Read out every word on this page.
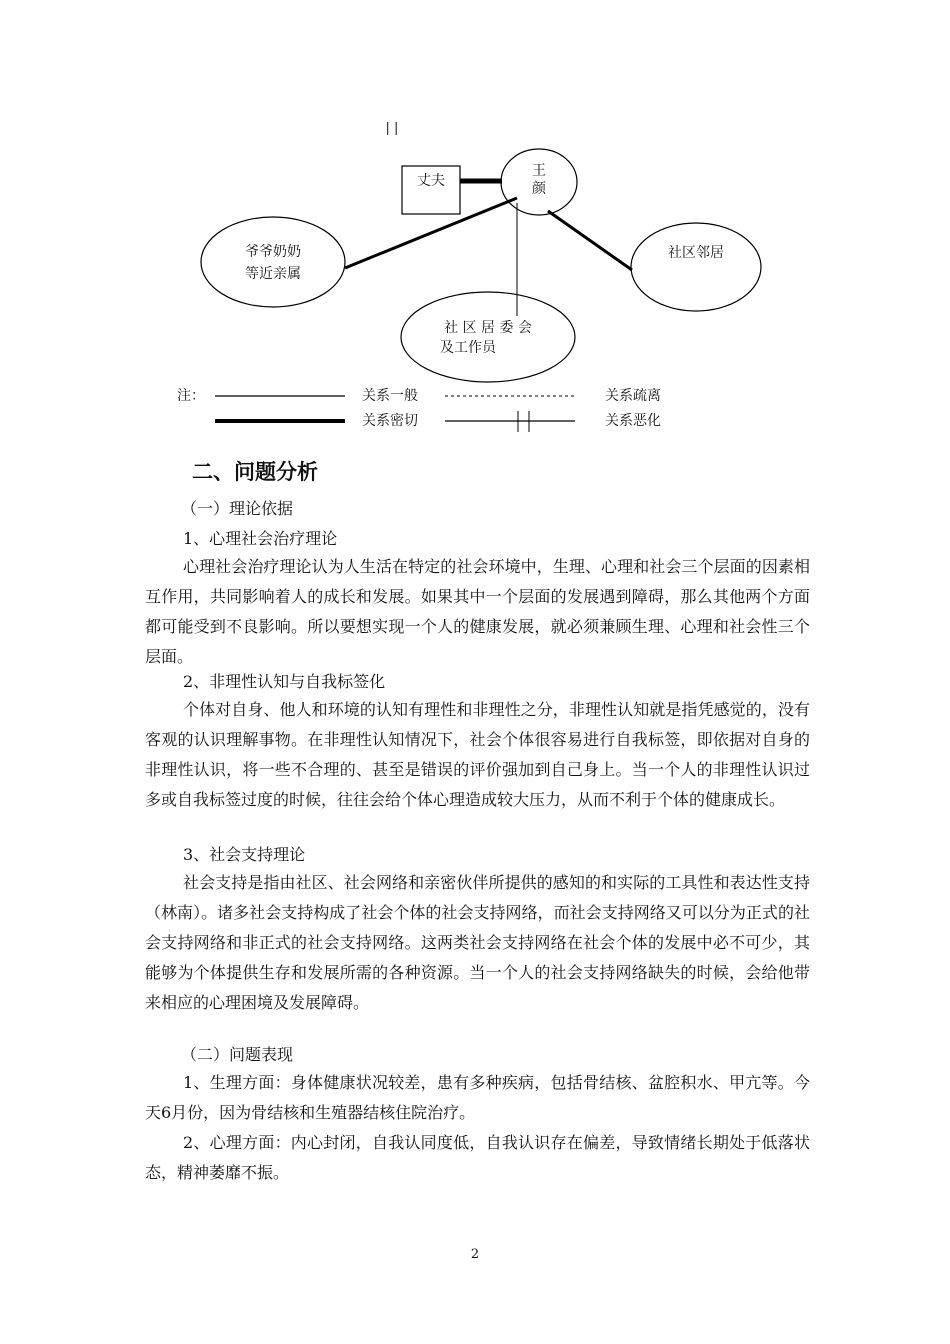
| |
丈夫
王
颜
爷爷奶奶
等近亲属
社区邻居
社 区 居 委 会
及工作员
注：	关系一般	关系疏离
关系密切	关系恶化
二、问题分析
（一）理论依据
1、心理社会治疗理论
心理社会治疗理论认为人生活在特定的社会环境中，生理、心理和社会三个层面的因素相互作用，共同影响着人的成长和发展。如果其中一个层面的发展遇到障碍，那么其他两个方面都可能受到不良影响。所以要想实现一个人的健康发展，就必须兼顾生理、心理和社会性三个层面。
2、非理性认知与自我标签化
个体对自身、他人和环境的认知有理性和非理性之分，非理性认知就是指凭感觉的，没有客观的认识理解事物。在非理性认知情况下，社会个体很容易进行自我标签，即依据对自身的非理性认识，将一些不合理的、甚至是错误的评价强加到自己身上。当一个人的非理性认识过多或自我标签过度的时候，往往会给个体心理造成较大压力，从而不利于个体的健康成长。
3、社会支持理论
社会支持是指由社区、社会网络和亲密伙伴所提供的感知的和实际的工具性和表达性支持（林南）。诸多社会支持构成了社会个体的社会支持网络，而社会支持网络又可以分为正式的社会支持网络和非正式的社会支持网络。这两类社会支持网络在社会个体的发展中必不可少，其能够为个体提供生存和发展所需的各种资源。当一个人的社会支持网络缺失的时候，会给他带来相应的心理困境及发展障碍。
（二）问题表现
1、生理方面：身体健康状况较差，患有多种疾病，包括骨结核、盆腔积水、甲亢等。今天6月份，因为骨结核和生殖器结核住院治疗。
2、心理方面：内心封闭，自我认同度低，自我认识存在偏差，导致情绪长期处于低落状态，精神萎靡不振。
2
